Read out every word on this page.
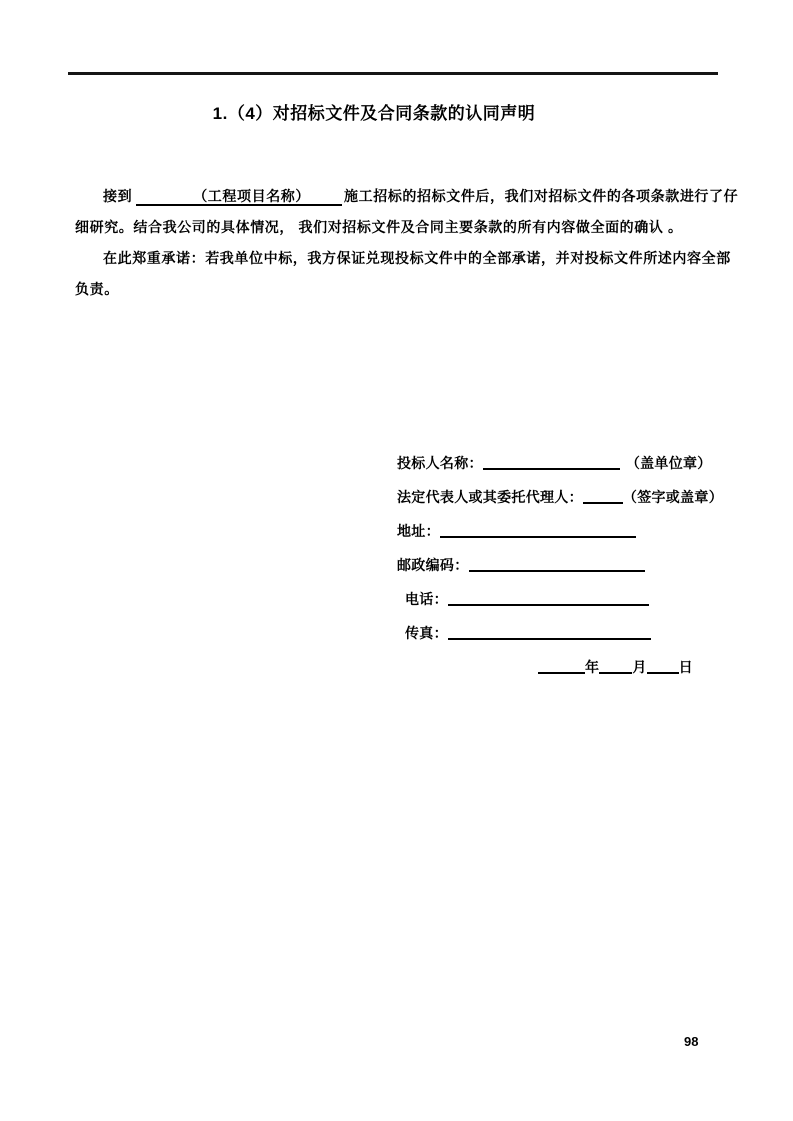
1.（4）对招标文件及合同条款的认同声明
接到	（工程项目名称） 施工招标的招标文件后，我们对招标文件的各项条款进行了仔
细研究。结合我公司的具体情况， 我们对招标文件及合同主要条款的所有内容做全面的确认 。
在此郑重承诺：若我单位中标，我方保证兑现投标文件中的全部承诺，并对投标文件所述内容全部
负责。
投标人名称：	（盖单位章）
法定代表人或其委托代理人：	（签字或盖章）
地址：
邮政编码：
电话：
传真：
年 月 日
98
